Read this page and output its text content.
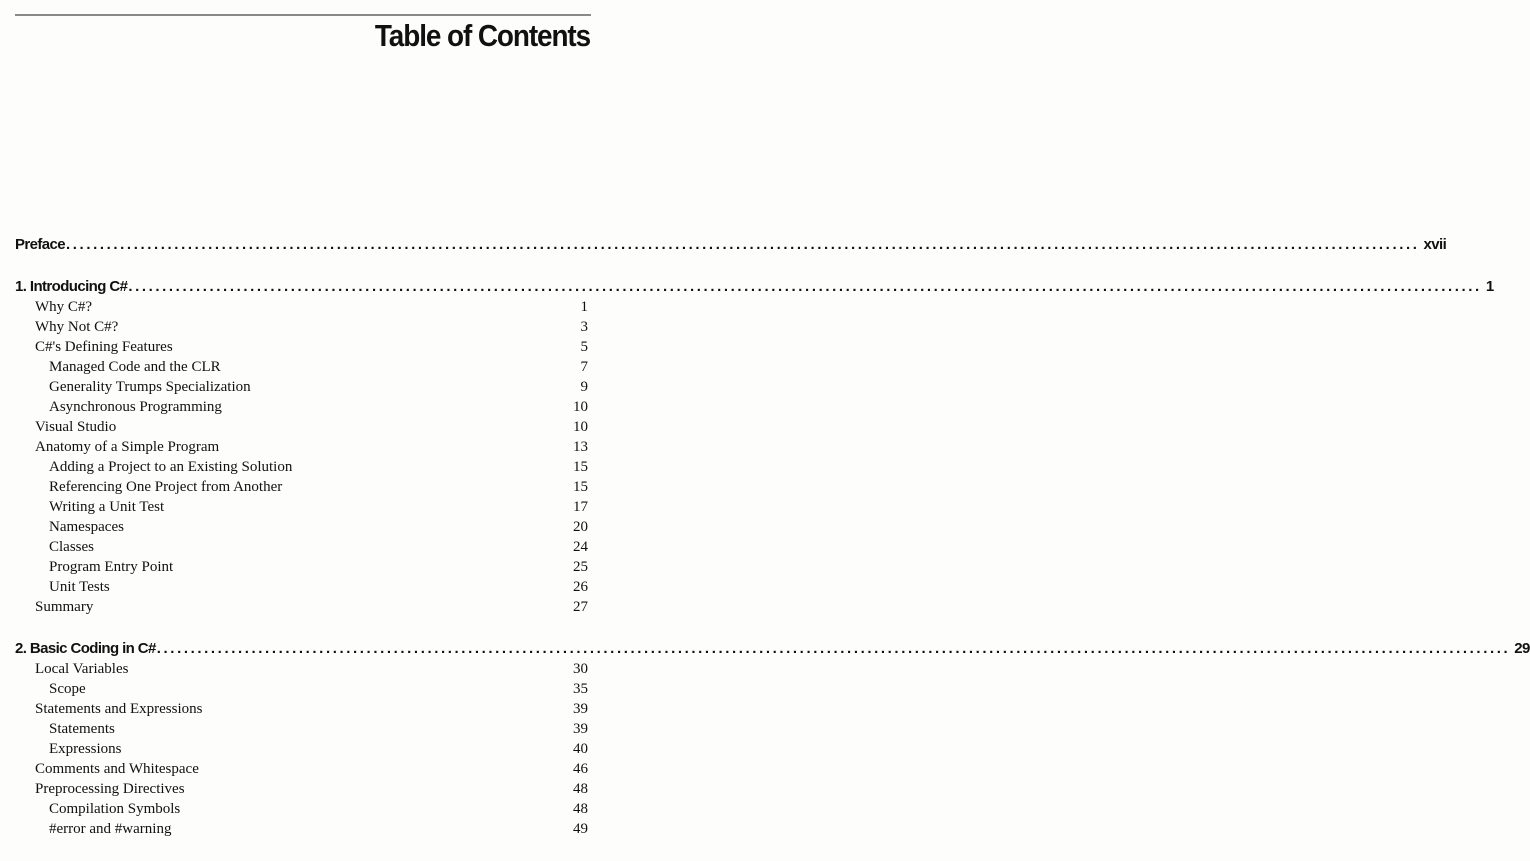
Table of Contents
Preface ........................................................................................................................................................................................................ xvii
1. Introducing C# ........................................................................................................................................................................................................ 1
Why C#?	1
Why Not C#?	3
C#'s Defining Features	5
Managed Code and the CLR	7
Generality Trumps Specialization	9
Asynchronous Programming	10
Visual Studio	10
Anatomy of a Simple Program	13
Adding a Project to an Existing Solution	15
Referencing One Project from Another	15
Writing a Unit Test	17
Namespaces	20
Classes	24
Program Entry Point	25
Unit Tests	26
Summary	27
2. Basic Coding in C# ........................................................................................................................................................................................................ 29
Local Variables	30
Scope	35
Statements and Expressions	39
Statements	39
Expressions	40
Comments and Whitespace	46
Preprocessing Directives	48
Compilation Symbols	48
#error and #warning	49
